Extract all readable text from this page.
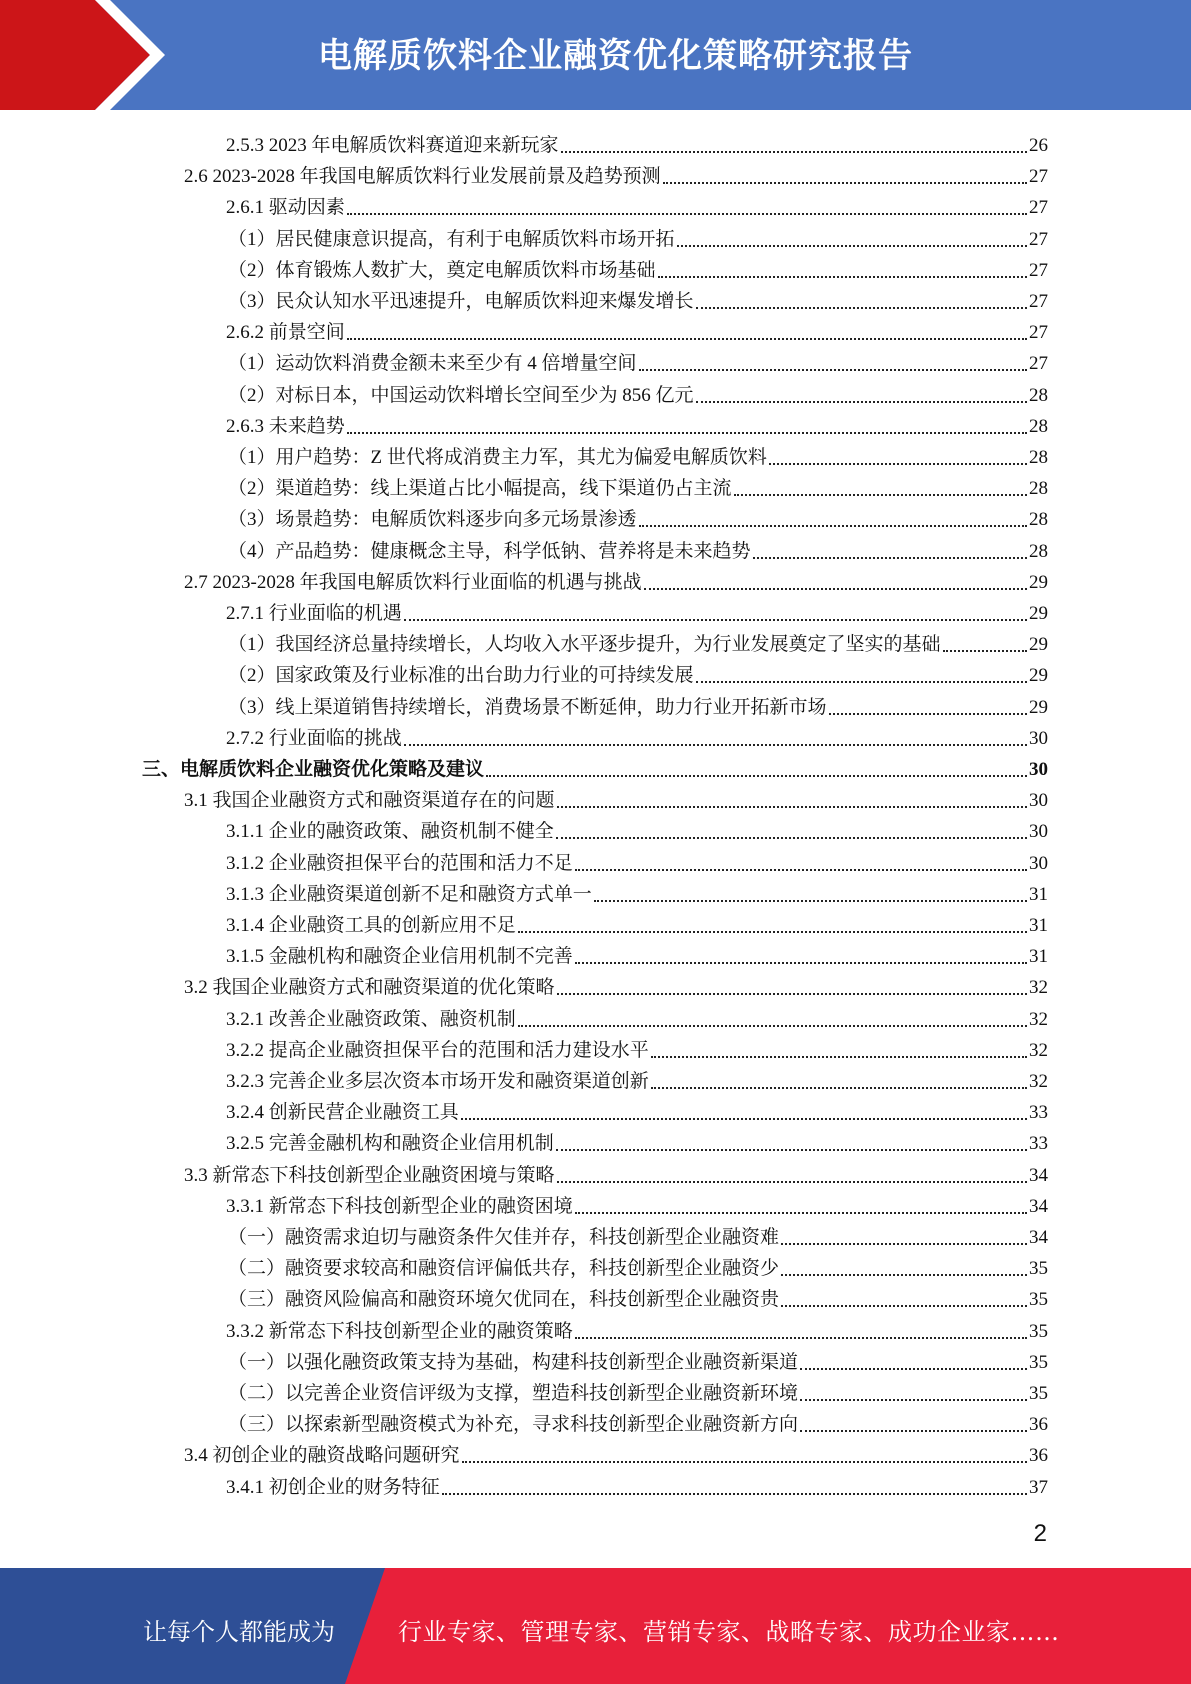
电解质饮料企业融资优化策略研究报告
2.5.3 2023 年电解质饮料赛道迎来新玩家	26
2.6 2023-2028 年我国电解质饮料行业发展前景及趋势预测	27
2.6.1 驱动因素	27
（1）居民健康意识提高，有利于电解质饮料市场开拓	27
（2）体育锻炼人数扩大，奠定电解质饮料市场基础	27
（3）民众认知水平迅速提升，电解质饮料迎来爆发增长	27
2.6.2 前景空间	27
（1）运动饮料消费金额未来至少有 4 倍增量空间	27
（2）对标日本，中国运动饮料增长空间至少为 856 亿元	28
2.6.3 未来趋势	28
（1）用户趋势：Z 世代将成消费主力军，其尤为偏爱电解质饮料	28
（2）渠道趋势：线上渠道占比小幅提高，线下渠道仍占主流	28
（3）场景趋势：电解质饮料逐步向多元场景渗透	28
（4）产品趋势：健康概念主导，科学低钠、营养将是未来趋势	28
2.7 2023-2028 年我国电解质饮料行业面临的机遇与挑战	29
2.7.1 行业面临的机遇	29
（1）我国经济总量持续增长，人均收入水平逐步提升，为行业发展奠定了坚实的基础	29
（2）国家政策及行业标准的出台助力行业的可持续发展	29
（3）线上渠道销售持续增长，消费场景不断延伸，助力行业开拓新市场	29
2.7.2 行业面临的挑战	30
三、电解质饮料企业融资优化策略及建议	30
3.1 我国企业融资方式和融资渠道存在的问题	30
3.1.1 企业的融资政策、融资机制不健全	30
3.1.2 企业融资担保平台的范围和活力不足	30
3.1.3 企业融资渠道创新不足和融资方式单一	31
3.1.4 企业融资工具的创新应用不足	31
3.1.5 金融机构和融资企业信用机制不完善	31
3.2 我国企业融资方式和融资渠道的优化策略	32
3.2.1 改善企业融资政策、融资机制	32
3.2.2 提高企业融资担保平台的范围和活力建设水平	32
3.2.3 完善企业多层次资本市场开发和融资渠道创新	32
3.2.4 创新民营企业融资工具	33
3.2.5 完善金融机构和融资企业信用机制	33
3.3 新常态下科技创新型企业融资困境与策略	34
3.3.1 新常态下科技创新型企业的融资困境	34
（一）融资需求迫切与融资条件欠佳并存，科技创新型企业融资难	34
（二）融资要求较高和融资信评偏低共存，科技创新型企业融资少	35
（三）融资风险偏高和融资环境欠优同在，科技创新型企业融资贵	35
3.3.2 新常态下科技创新型企业的融资策略	35
（一）以强化融资政策支持为基础，构建科技创新型企业融资新渠道	35
（二）以完善企业资信评级为支撑，塑造科技创新型企业融资新环境	35
（三）以探索新型融资模式为补充，寻求科技创新型企业融资新方向	36
3.4 初创企业的融资战略问题研究	36
3.4.1 初创企业的财务特征	37
2
让每个人都能成为	行业专家、管理专家、营销专家、战略专家、成功企业家……
